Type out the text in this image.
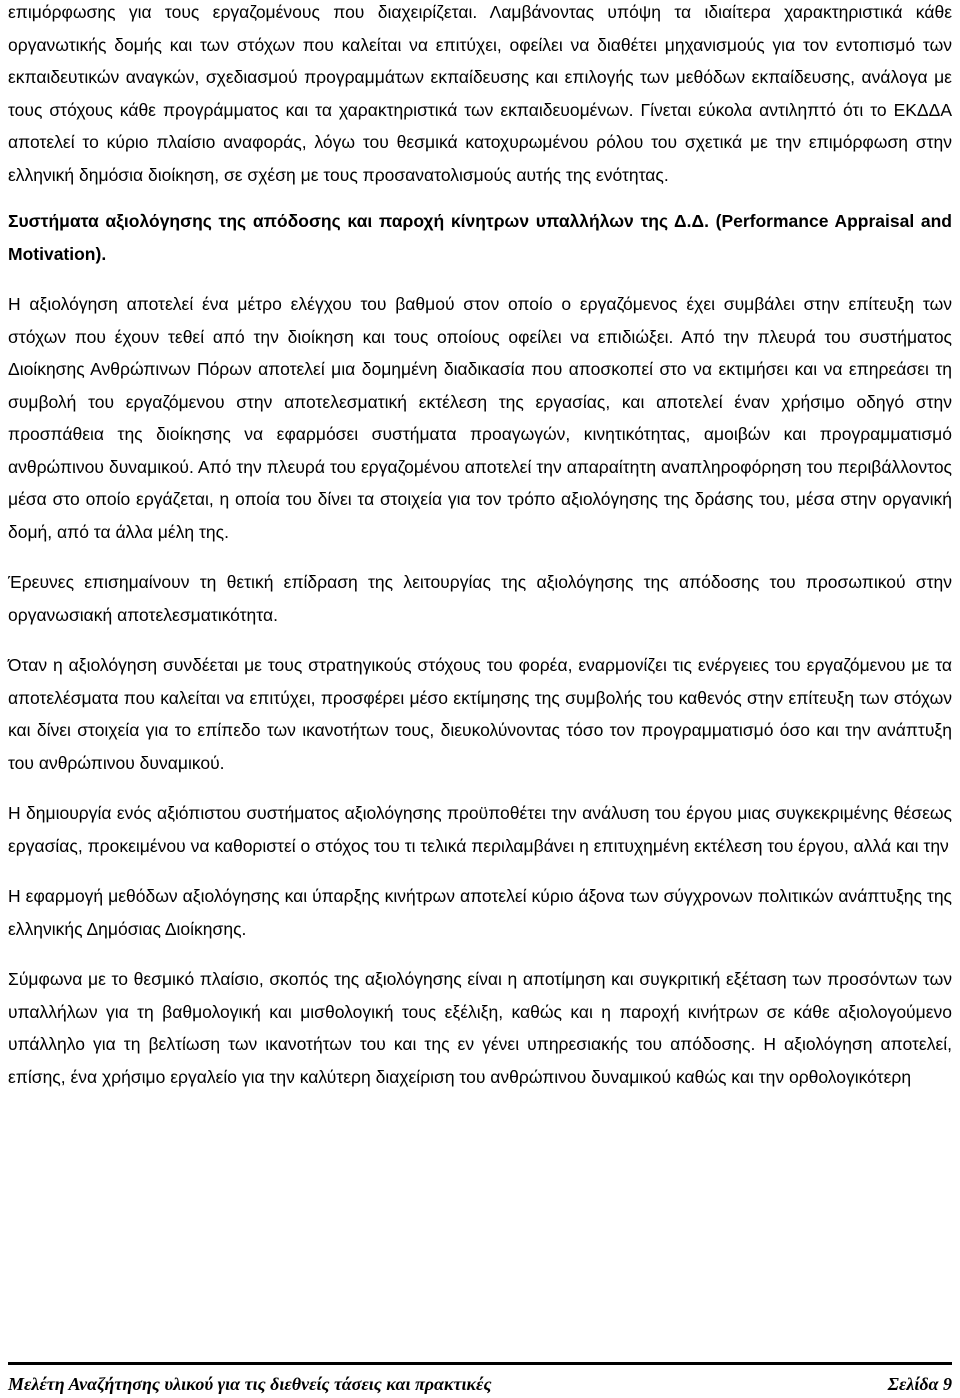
επιμόρφωσης για τους εργαζομένους που διαχειρίζεται. Λαμβάνοντας υπόψη τα ιδιαίτερα χαρακτηριστικά κάθε οργανωτικής δομής και των στόχων που καλείται να επιτύχει, οφείλει να διαθέτει μηχανισμούς για τον εντοπισμό των εκπαιδευτικών αναγκών, σχεδιασμού προγραμμάτων εκπαίδευσης και επιλογής των μεθόδων εκπαίδευσης, ανάλογα με τους στόχους κάθε προγράμματος και τα χαρακτηριστικά των εκπαιδευομένων. Γίνεται εύκολα αντιληπτό ότι το ΕΚΔΔΑ αποτελεί το κύριο πλαίσιο αναφοράς, λόγω του θεσμικά κατοχυρωμένου ρόλου του σχετικά με την επιμόρφωση στην ελληνική δημόσια διοίκηση, σε σχέση με τους προσανατολισμούς αυτής της ενότητας.

Συστήματα αξιολόγησης της απόδοσης και παροχή κίνητρων υπαλλήλων της Δ.Δ. (Performance Appraisal and Motivation).

Η αξιολόγηση αποτελεί ένα μέτρο ελέγχου του βαθμού στον οποίο ο εργαζόμενος έχει συμβάλει στην επίτευξη των στόχων που έχουν τεθεί από την διοίκηση και τους οποίους οφείλει να επιδιώξει. Από την πλευρά του συστήματος Διοίκησης Ανθρώπινων Πόρων αποτελεί μια δομημένη διαδικασία που αποσκοπεί στο να εκτιμήσει και να επηρεάσει τη συμβολή του εργαζόμενου στην αποτελεσματική εκτέλεση της εργασίας, και αποτελεί έναν χρήσιμο οδηγό στην προσπάθεια της διοίκησης να εφαρμόσει συστήματα προαγωγών, κινητικότητας, αμοιβών και προγραμματισμό ανθρώπινου δυναμικού. Από την πλευρά του εργαζομένου αποτελεί την απαραίτητη αναπληροφόρηση του περιβάλλοντος μέσα στο οποίο εργάζεται, η οποία του δίνει τα στοιχεία για τον τρόπο αξιολόγησης της δράσης του, μέσα στην οργανική δομή, από τα άλλα μέλη της.

Έρευνες επισημαίνουν τη θετική επίδραση της λειτουργίας της αξιολόγησης της απόδοσης του προσωπικού στην οργανωσιακή αποτελεσματικότητα.

Όταν η αξιολόγηση συνδέεται με τους στρατηγικούς στόχους του φορέα, εναρμονίζει τις ενέργειες του εργαζόμενου με τα αποτελέσματα που καλείται να επιτύχει, προσφέρει μέσο εκτίμησης της συμβολής του καθενός στην επίτευξη των στόχων και δίνει στοιχεία για το επίπεδο των ικανοτήτων τους, διευκολύνοντας τόσο τον προγραμματισμό όσο και την ανάπτυξη του ανθρώπινου δυναμικού.

Η δημιουργία ενός αξιόπιστου συστήματος αξιολόγησης προϋποθέτει την ανάλυση του έργου μιας συγκεκριμένης θέσεως εργασίας, προκειμένου να καθοριστεί ο στόχος του τι τελικά περιλαμβάνει η επιτυχημένη εκτέλεση του έργου, αλλά και την

Η εφαρμογή μεθόδων αξιολόγησης και ύπαρξης κινήτρων αποτελεί κύριο άξονα των σύγχρονων πολιτικών ανάπτυξης της ελληνικής Δημόσιας Διοίκησης.

Σύμφωνα με το θεσμικό πλαίσιο, σκοπός της αξιολόγησης είναι η αποτίμηση και συγκριτική εξέταση των προσόντων των υπαλλήλων για τη βαθμολογική και μισθολογική τους εξέλιξη, καθώς και η παροχή κινήτρων σε κάθε αξιολογούμενο υπάλληλο για τη βελτίωση των ικανοτήτων του και της εν γένει υπηρεσιακής του απόδοσης. Η αξιολόγηση αποτελεί, επίσης, ένα χρήσιμο εργαλείο για την καλύτερη διαχείριση του ανθρώπινου δυναμικού καθώς και την ορθολογικότερη

Μελέτη Αναζήτησης υλικού για τις διεθνείς τάσεις και πρακτικές	Σελίδα 9
